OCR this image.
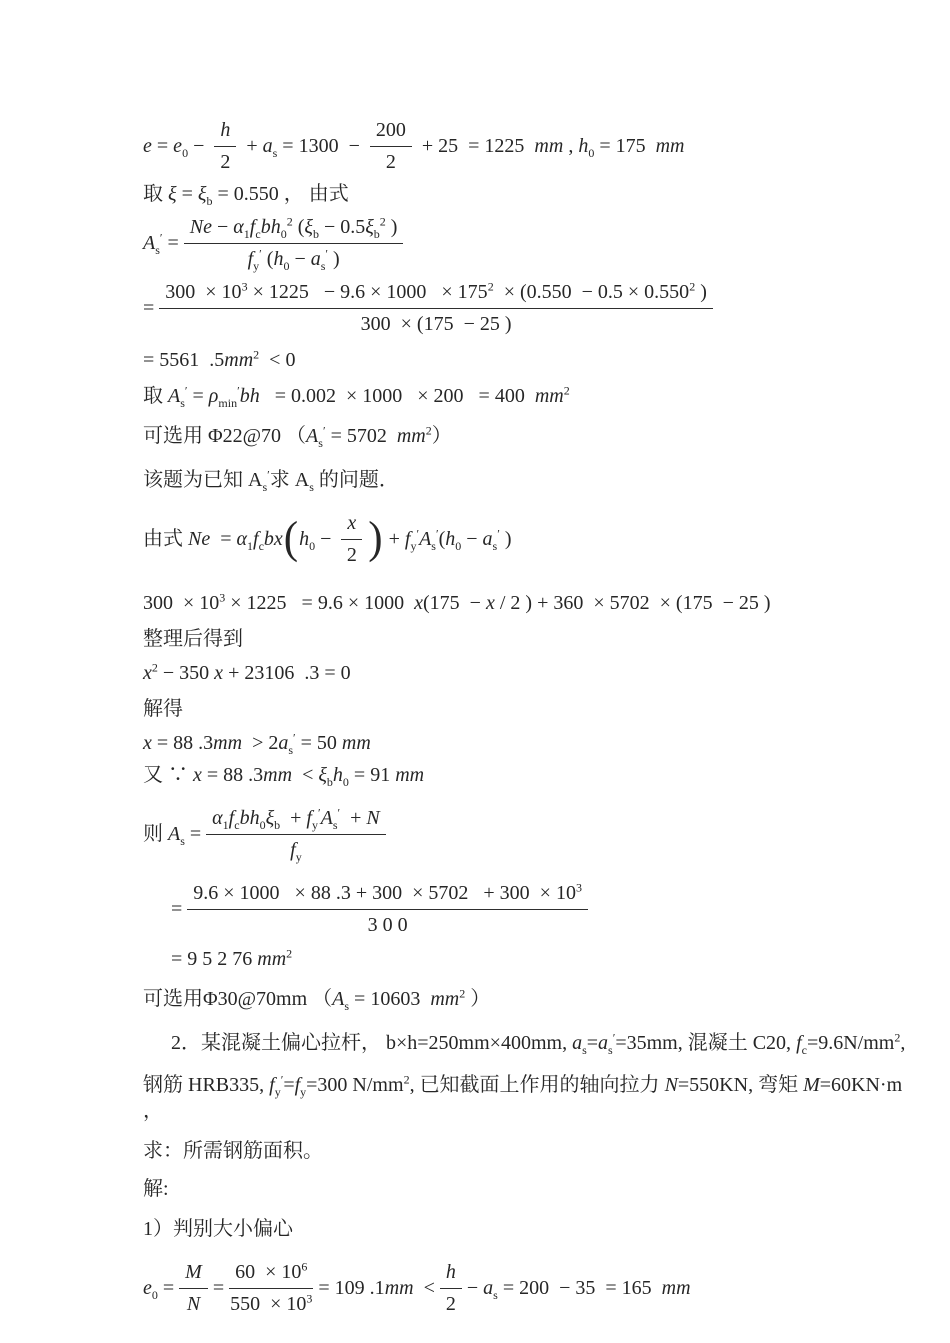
$e = e_0 - \frac{h}{2} + a_s = 1300 - \frac{200}{2} + 25 = 1225$  mm , $h_0 = 175$  mm
取 $\xi = \xi_b = 0.550$ ， 由式
$A_s' = \frac{Ne - \alpha_1f_cbh_0^2 (\xi_b - 0.5\xi_b^2 )}{f_y' (h_0 - a_s' )}$
=
$300 \times 10^3 \times 1225 - 9.6 \times 1000 \times 175^2 \times (0.550 - 0.5 \times 0.550^2$ )
300  × (175  − 25 )
= 5561  $.5mm^2 < 0$
取 $A_s' = \rho_{min}'bh = 0.002 \times 1000 \times 200 = 400$  $mm^2$
可选用 Φ22@70 （$A_s' = 5702$  $mm^2$）
该题为已知 $A_s'$求 $A_s$ 的问题．
由式 $Ne = \alpha_1f_cbx$ ( $h_0 - \frac{x}{2}$ ) + $f_y'A_s'(h_0 - a_s'$ )
$300 \times 10^3 \times 1225 = 9.6 \times 1000$  x(175  − x / 2 ) + 360  × 5702  × (175  − 25 )
整理后得到
$x^2 - 350$ x + 23106  .3 = 0
解得
x = 88 $.3mm > 2a_s' = 50$ mm
又 ∵ x = 88 $.3mm < \xi_bh_0 = 91$ mm
则 $A_s = \frac{\alpha_1f_cbh_0\xi_b + f_y'A_s' + N}{f_y}$
= $\frac{9.6 \times 1000 \times 88 .3 + 300 \times 5702 + 300 \times 10^3}{3 0 0}$
= 9 5 2 76 $mm^2$
可选用Φ30@70mm （$A_s = 10603$  $mm^2$ ）
2．某混凝土偏心拉杆， b×h=250mm×400mm, $a_s=a_s'=35mm$, 混凝土 C20, $f_c=9.6N/mm^2$,
钢筋 HRB335, $f_y'=f_y=300$ $N/mm^2$, 已知截面上作用的轴向拉力 N=550KN, 弯矩 M=60KN·m ，
求：所需钢筋面积。
解:
1）判别大小偏心
$e_0 = \frac{M}{N} = \frac{60 \times 10^6}{550 \times 10^3} = 109$ $.1mm < \frac{h}{2} - a_s = 200 - 35 = 165$  mm
